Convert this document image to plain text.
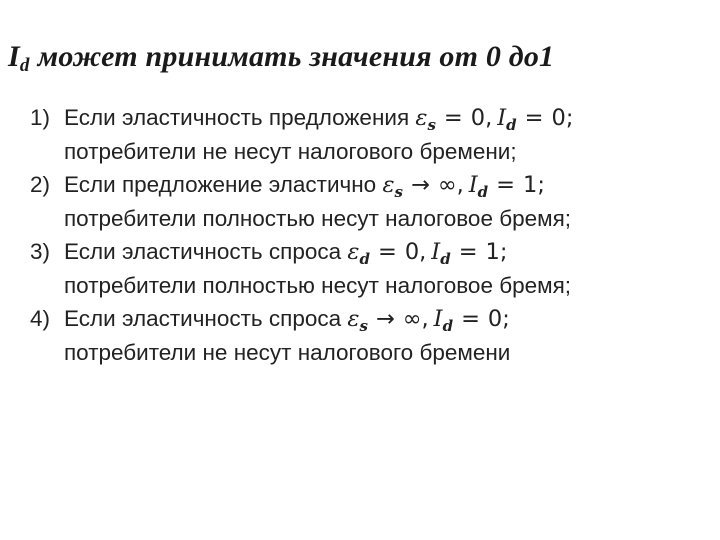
$I_d$ может принимать значения от 0 до1
1) Если эластичность предложения $\varepsilon_s = 0$, $I_d = 0$;
потребители не несут налогового бремени;
2) Если предложение эластично $\varepsilon_s$ → ∞, $I_d = 1$;
потребители полностью несут налоговое бремя;
3) Если эластичность спроса $\varepsilon_d = 0$, $I_d = 1$;
потребители полностью несут налоговое бремя;
4) Если эластичность спроса $\varepsilon_s$ → ∞, $I_d = 0$;
потребители не несут налогового бремени
